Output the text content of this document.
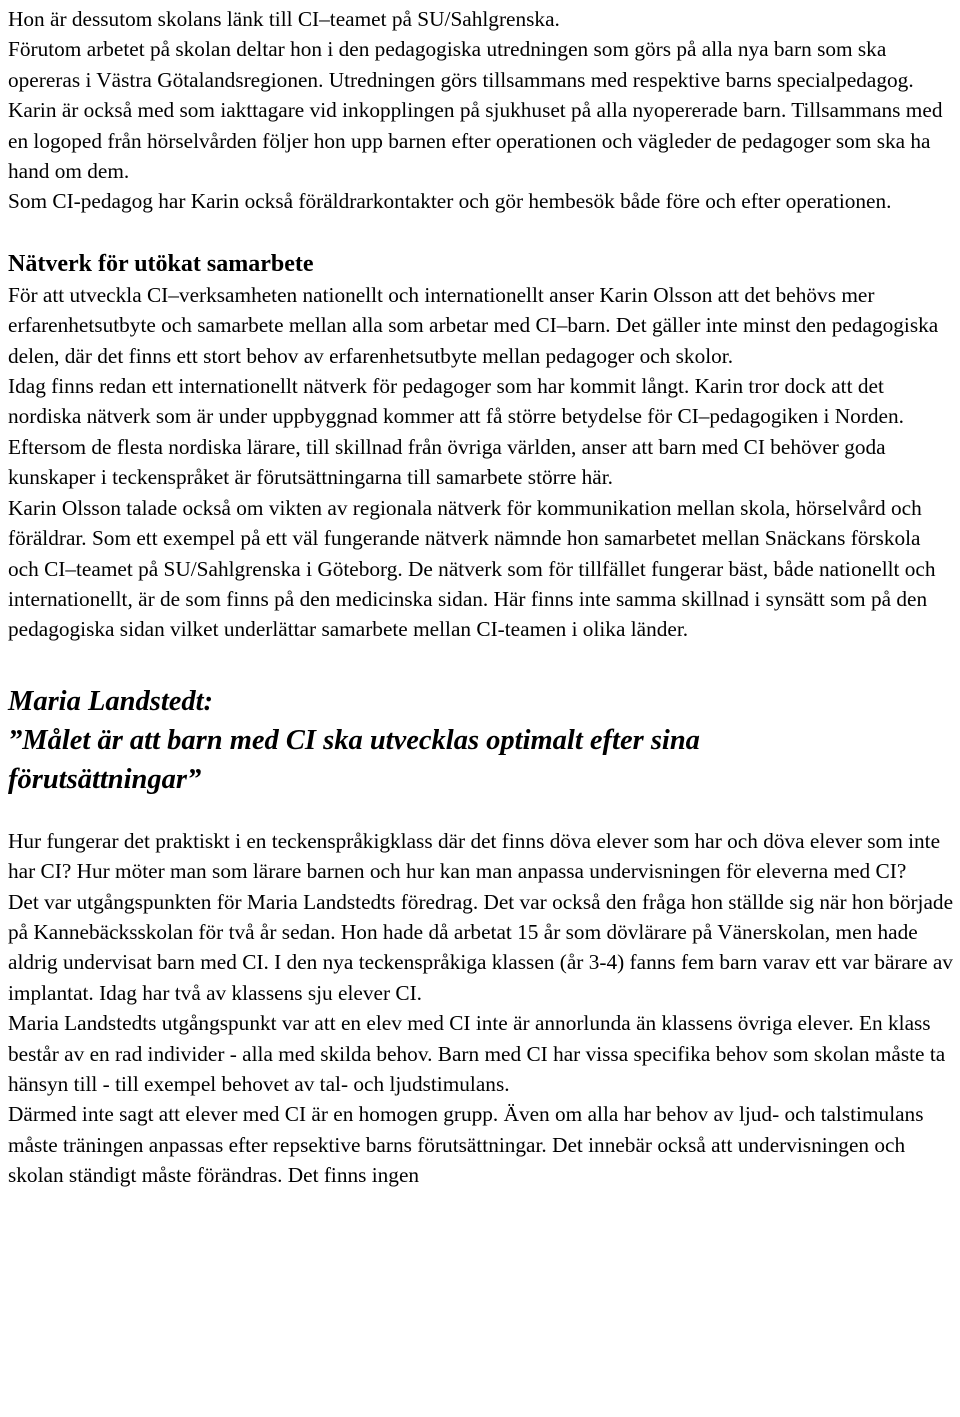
Hon är dessutom skolans länk till CI–teamet på SU/Sahlgrenska.

Förutom arbetet på skolan deltar hon i den pedagogiska utredningen som görs på alla nya barn som ska opereras i Västra Götalandsregionen. Utredningen görs tillsammans med respektive barns specialpedagog.

Karin är också med som iakttagare vid inkopplingen på sjukhuset på alla nyopererade barn. Tillsammans med en logoped från hörselvården följer hon upp barnen efter operationen och vägleder de pedagoger som ska ha hand om dem.

Som CI-pedagog har Karin också föräldrarkontakter och gör hembesök både före och efter operationen.

Nätverk för utökat samarbete

För att utveckla CI–verksamheten nationellt och internationellt anser Karin Olsson att det behövs mer erfarenhetsutbyte och samarbete mellan alla som arbetar med CI–barn. Det gäller inte minst den pedagogiska delen, där det finns ett stort behov av erfarenhetsutbyte mellan pedagoger och skolor.

Idag finns redan ett internationellt nätverk för pedagoger som har kommit långt. Karin tror dock att det nordiska nätverk som är under uppbyggnad kommer att få större betydelse för CI–pedagogiken i Norden. Eftersom de flesta nordiska lärare, till skillnad från övriga världen, anser att barn med CI behöver goda kunskaper i teckenspråket är förutsättningarna till samarbete större här.

Karin Olsson talade också om vikten av regionala nätverk för kommunikation mellan skola, hörselvård och föräldrar. Som ett exempel på ett väl fungerande nätverk nämnde hon samarbetet mellan Snäckans förskola och CI–teamet på SU/Sahlgrenska i Göteborg. De nätverk som för tillfället fungerar bäst, både nationellt och internationellt, är de som finns på den medicinska sidan. Här finns inte samma skillnad i synsätt som på den pedagogiska sidan vilket underlättar samarbete mellan CI-teamen i olika länder.

Maria Landstedt:
”Målet är att barn med CI ska utvecklas optimalt efter sina
förutsättningar”

Hur fungerar det praktiskt i en teckenspråkigklass där det finns döva elever som har och döva elever som inte har CI? Hur möter man som lärare barnen och hur kan man anpassa undervisningen för eleverna med CI?

Det var utgångspunkten för Maria Landstedts föredrag. Det var också den fråga hon ställde sig när hon började på Kannebäcksskolan för två år sedan. Hon hade då arbetat 15 år som dövlärare på Vänerskolan, men hade aldrig undervisat barn med CI. I den nya teckenspråkiga klassen (år 3-4) fanns fem barn varav ett var bärare av implantat. Idag har två av klassens sju elever CI.

Maria Landstedts utgångspunkt var att en elev med CI inte är annorlunda än klassens övriga elever. En klass består av en rad individer - alla med skilda behov. Barn med CI har vissa specifika behov som skolan måste ta hänsyn till - till exempel behovet av tal- och ljudstimulans.

Därmed inte sagt att elever med CI är en homogen grupp. Även om alla har behov av ljud- och talstimulans måste träningen anpassas efter repsektive barns förutsättningar. Det innebär också att undervisningen och skolan ständigt måste förändras. Det finns ingen
